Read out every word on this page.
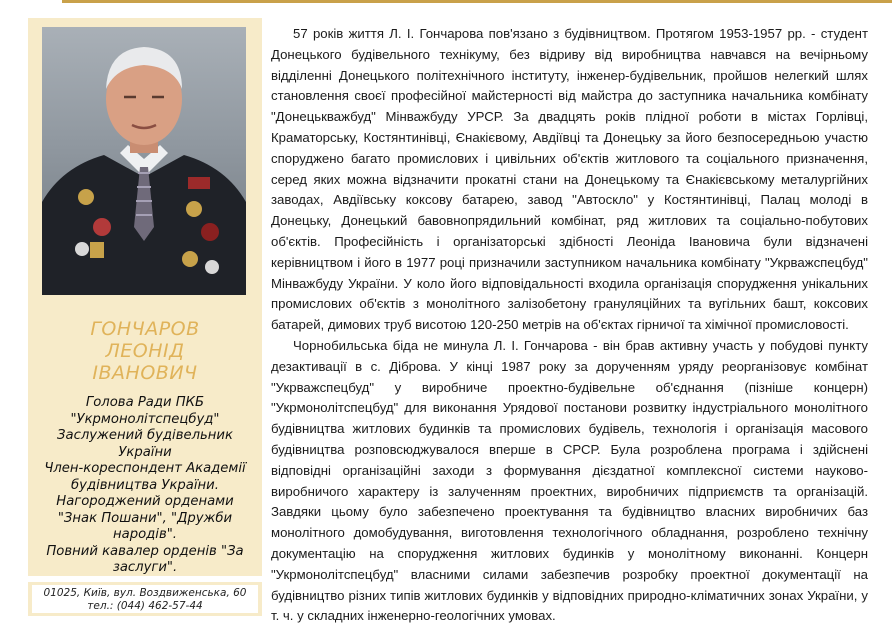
ГОНЧАРОВ
ЛЕОНІД
ІВАНОВИЧ
Голова Ради ПКБ
"Укрмонолітспецбуд"
Заслужений будівельник
України
Член-кореспондент Академії
будівництва України.
Нагороджений орденами
"Знак Пошани", "Дружби
народів".
Повний кавалер орденів "За
заслуги".
01025, Київ, вул. Воздвиженська, 60
тел.: (044) 462-57-44

57 років життя Л. І. Гончарова пов'язано з будівництвом. Протягом 1953-1957 рр. - студент Донецького будівельного технікуму, без відриву від виробництва навчався на вечірньому відділенні Донецького політехнічного інституту, інженер-будівельник, пройшов нелегкий шлях становлення своєї професійної майстерності від майстра до заступника начальника комбінату "Донецькважбуд" Мінважбуду УРСР. За двадцять років плідної роботи в містах Горлівці, Краматорську, Костянтинівці, Єнакієвому, Авдіївці та Донецьку за його безпосередньою участю споруджено багато промислових і цивільних об'єктів житлового та соціального призначення, серед яких можна відзначити прокатні стани на Донецькому та Єнакієвському металургійних заводах, Авдіївську коксову батарею, завод "Автоскло" у Костянтинівці, Палац молоді в Донецьку, Донецький бавовнопрядильний комбінат, ряд житлових та соціально-побутових об'єктів. Професійність і організаторські здібності Леоніда Івановича були відзначені керівництвом і його в 1977 році призначили заступником начальника комбінату "Укрважспецбуд" Мінважбуду України. У коло його відповідальності входила організація спорудження унікальних промислових об'єктів з монолітного залізобетону грануляційних та вугільних башт, коксових батарей, димових труб висотою 120-250 метрів на об'єктах гірничої та хімічної промисловості.

Чорнобильська біда не минула Л. І. Гончарова - він брав активну участь у побудові пункту дезактивації в с. Діброва. У кінці 1987 року за дорученням уряду реорганізовує комбінат "Укрважспецбуд" у виробниче проектно-будівельне об'єднання (пізніше концерн) "Укрмонолітспецбуд" для виконання Урядової постанови розвитку індустріального монолітного будівництва житлових будинків та промислових будівель, технологія і організація масового будівництва розповсюджувалося вперше в СРСР. Була розроблена програма і здійснені відповідні організаційні заходи з формування дієздатної комплексної системи науково-виробничого характеру із залученням проектних, виробничих підприємств та організацій. Завдяки цьому було забезпечено проектування та будівництво власних виробничих баз монолітного домобудування, виготовлення технологічного обладнання, розроблено технічну документацію на спорудження житлових будинків у монолітному виконанні. Концерн "Укрмонолітспецбуд" власними силами забезпечив розробку проектної документації на будівництво різних типів житлових будинків у відповідних природно-кліматичних зонах України, у т. ч. у складних інженерно-геологічних умовах.
